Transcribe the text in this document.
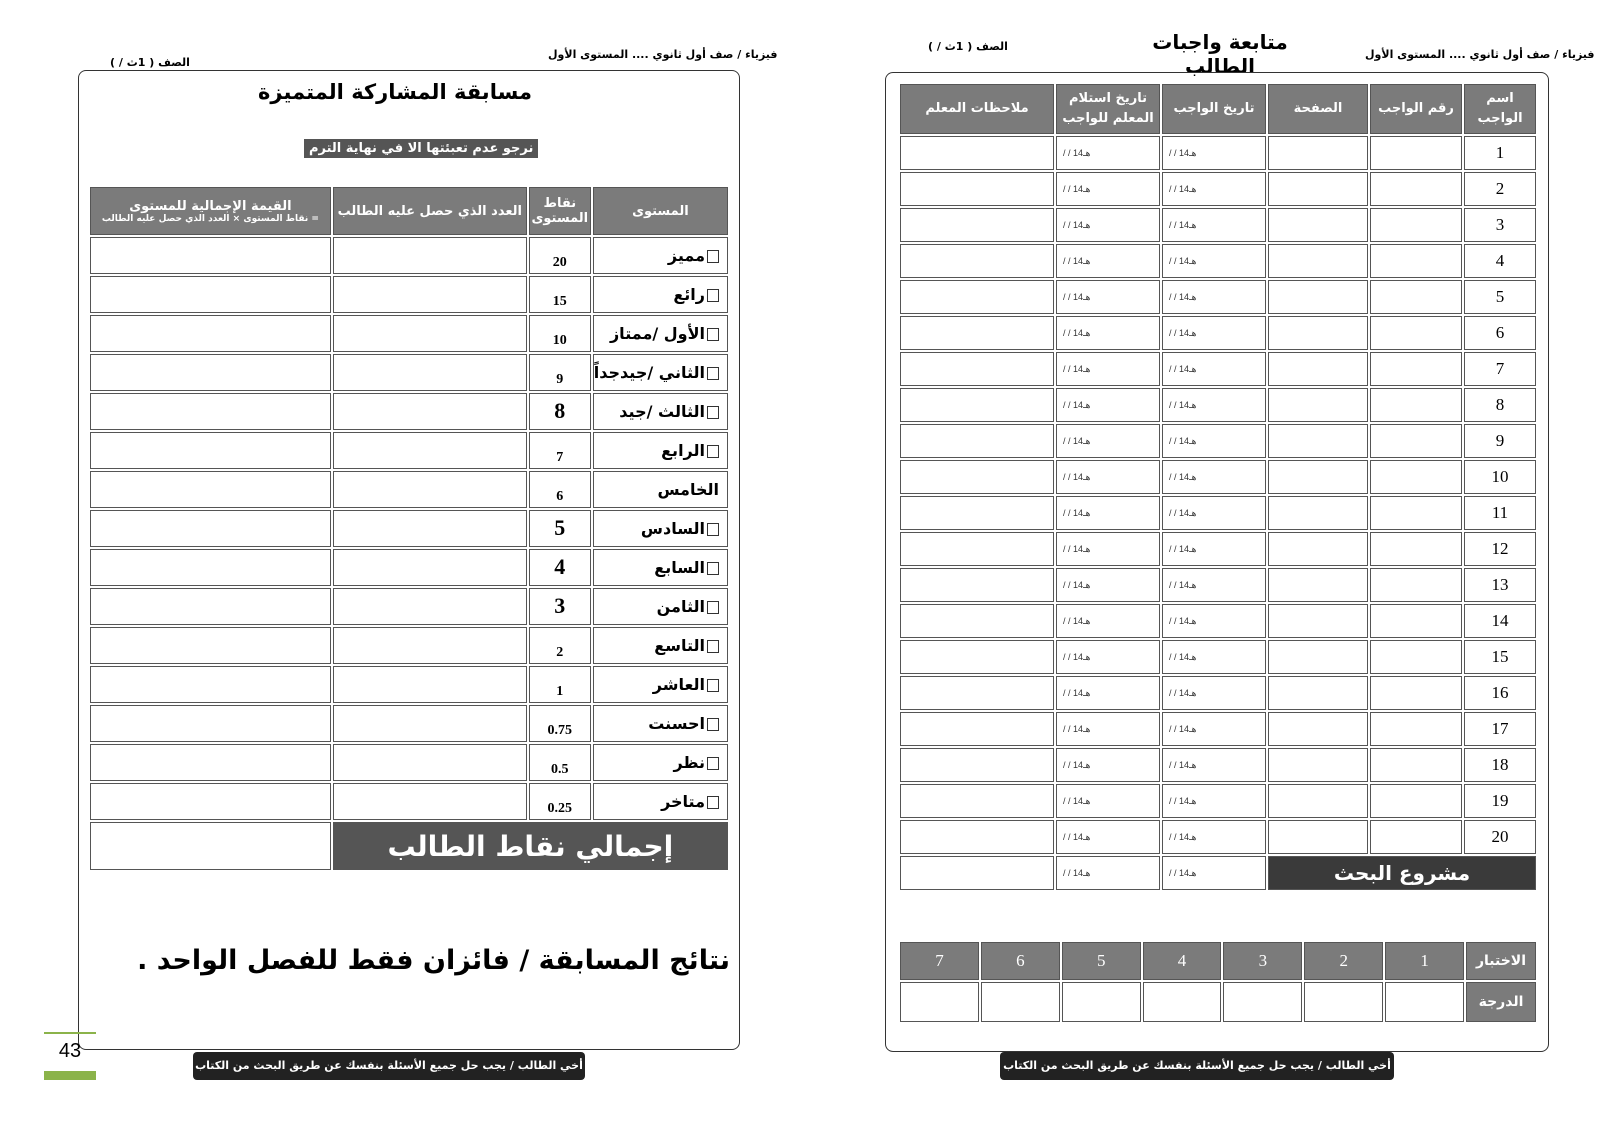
فيزياء / صف أول ثانوي .... المستوى الأول
الصف ( 1ث / )
مسابقة المشاركة المتميزة
نرجو عدم تعبئتها الا في نهاية الترم
المستوى	نقاط المستوى	العدد الذي حصل عليه الطالب	القيمة الإجمالية للمستوى
= نقاط المستوى × العدد الذي حصل عليه الطالب

مميز	20		
رائع	15		
الأول /ممتاز	10		
الثاني /جيدجداً	9		
الثالث /جيد	8		
الرابع	7		
الخامس	6		
السادس	5		
السابع	4		
الثامن	3		
التاسع	2		
العاشر	1		
احسنت	0.75		
نظر	0.5		
متاخر	0.25		
إجمالي نقاط الطالب			
نتائج المسابقة / فائزان فقط للفصل الواحد .
أخي الطالب / يجب حل جميع الأسئلة بنفسك عن طريق البحث من الكتاب المدرسي
43
فيزياء / صف أول ثانوي .... المستوى الأول
متابعة واجبات الطالب
الصف ( 1ث / )
اسم الواجب	رقم الواجب	الصفحة	تاريخ الواجب	تاريخ استلام المعلم للواجب	ملاحظات المعلم
1			/ / 14هـ	/ / 14هـ	
2			/ / 14هـ	/ / 14هـ	
3			/ / 14هـ	/ / 14هـ	
4			/ / 14هـ	/ / 14هـ	
5			/ / 14هـ	/ / 14هـ	
6			/ / 14هـ	/ / 14هـ	
7			/ / 14هـ	/ / 14هـ	
8			/ / 14هـ	/ / 14هـ	
9			/ / 14هـ	/ / 14هـ	
10			/ / 14هـ	/ / 14هـ	
11			/ / 14هـ	/ / 14هـ	
12			/ / 14هـ	/ / 14هـ	
13			/ / 14هـ	/ / 14هـ	
14			/ / 14هـ	/ / 14هـ	
15			/ / 14هـ	/ / 14هـ	
16			/ / 14هـ	/ / 14هـ	
17			/ / 14هـ	/ / 14هـ	
18			/ / 14هـ	/ / 14هـ	
19			/ / 14هـ	/ / 14هـ	
20			/ / 14هـ	/ / 14هـ	
مشروع البحث			/ / 14هـ	/ / 14هـ	
الاختبار	1	2	3	4	5	6	7
الدرجة							
أخي الطالب / يجب حل جميع الأسئلة بنفسك عن طريق البحث من الكتاب المدرسي
